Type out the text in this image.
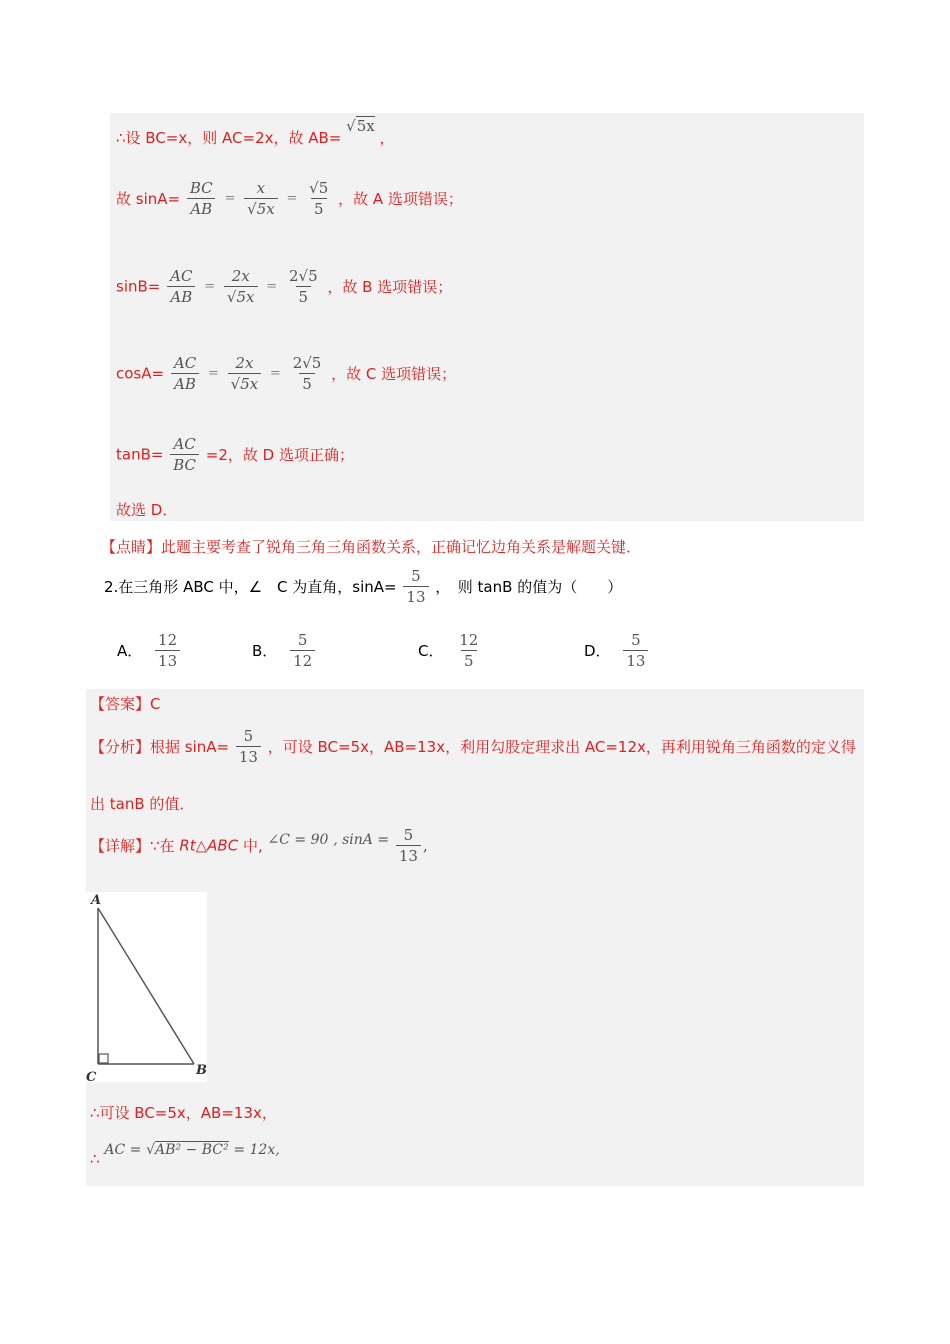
∴设 BC=x，则 AC=2x，故 AB= √5x ，
故 $\sin A= \frac{BC}{AB} = \frac{x}{√5x} = \frac{√5}{5}$ ，故 A 选项错误；
$\sin B= \frac{AC}{AB} = \frac{2x}{√5x} = \frac{2√5}{5}$ ，故 B 选项错误；
$\cos A= \frac{AC}{AB} = \frac{2x}{√5x} = \frac{2√5}{5}$ ，故 C 选项错误；
$\tan B= \frac{AC}{BC} =2$，故 D 选项正确；
故选 D．
【点睛】此题主要考查了锐角三角三角函数关系，正确记忆边角关系是解题关键．
2.在三角形 ABC 中，∠　C 为直角，$\sin A= \frac{5}{13}$ ，　则 tanB 的值为（　　）
A． $\frac{12}{13}$	B． $\frac{5}{12}$	C． $\frac{12}{5}$	D． $\frac{5}{13}$
【答案】C
【分析】根据 $\sin A= \frac{5}{13}$ ，可设 BC=5x，AB=13x，利用勾股定理求出 AC=12x，再利用锐角三角函数的定义得
出 tanB 的值．
【详解】∵在 Rt△ABC 中, ∠C = 90 , $\sin A = \frac{5}{13}$ ,
A
B
C
∴可设 BC=5x，AB=13x，
∴ AC = √AB² − BC² = 12x,
